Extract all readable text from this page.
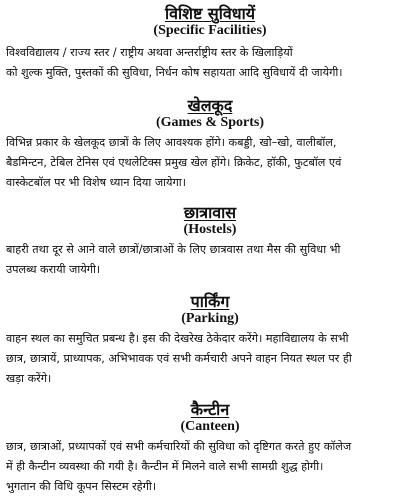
विशिष्ट सुविधायें
(Specific Facilities)

विश्वविद्यालय / राज्य स्तर / राष्ट्रीय अथवा अन्तर्राष्ट्रीय स्तर के खिलाड़ियों
को शुल्क मुक्ति, पुस्तकों की सुविधा, निर्धन कोष सहायता आदि सुविधायें दी जायेगी।

खेलकूद
(Games & Sports)

विभिन्न प्रकार के खेलकूद छात्रों के लिए आवश्यक होंगे। कबड्डी, खो–खो, वालीबॉल,
बैडमिन्टन, टेबिल टेनिस एवं एथलेटिक्स प्रमुख खेल होंगे। क्रिकेट, हॉकी, फुटबॉल एवं
वास्केटबॉल पर भी विशेष ध्यान दिया जायेगा।

छात्रावास
(Hostels)

बाहरी तथा दूर से आने वाले छात्रों/छात्राओं के लिए छात्रवास तथा मैस की सुविधा भी
उपलब्ध करायी जायेगी।

पार्किंग
(Parking)

वाहन स्थल का समुचित प्रबन्ध है। इस की देखरेख ठेकेदार करेंगे। महाविद्यालय के सभी
छात्र, छात्रायें, प्राध्यापक, अभिभावक एवं सभी कर्मचारी अपने वाहन नियत स्थल पर ही
खड़ा करेंगे।

कैन्टीन
(Canteen)

छात्र, छात्राओं, प्रध्यापकों एवं सभी कर्मचारियों की सुविधा को दृष्टिगत करते हुए कॉलेज
में ही कैन्टीन व्यवस्था की गयी है। कैन्टीन में मिलने वाले सभी सामग्री शुद्ध होगी।
भुगतान की विधि कूपन सिस्टम रहेगी।
